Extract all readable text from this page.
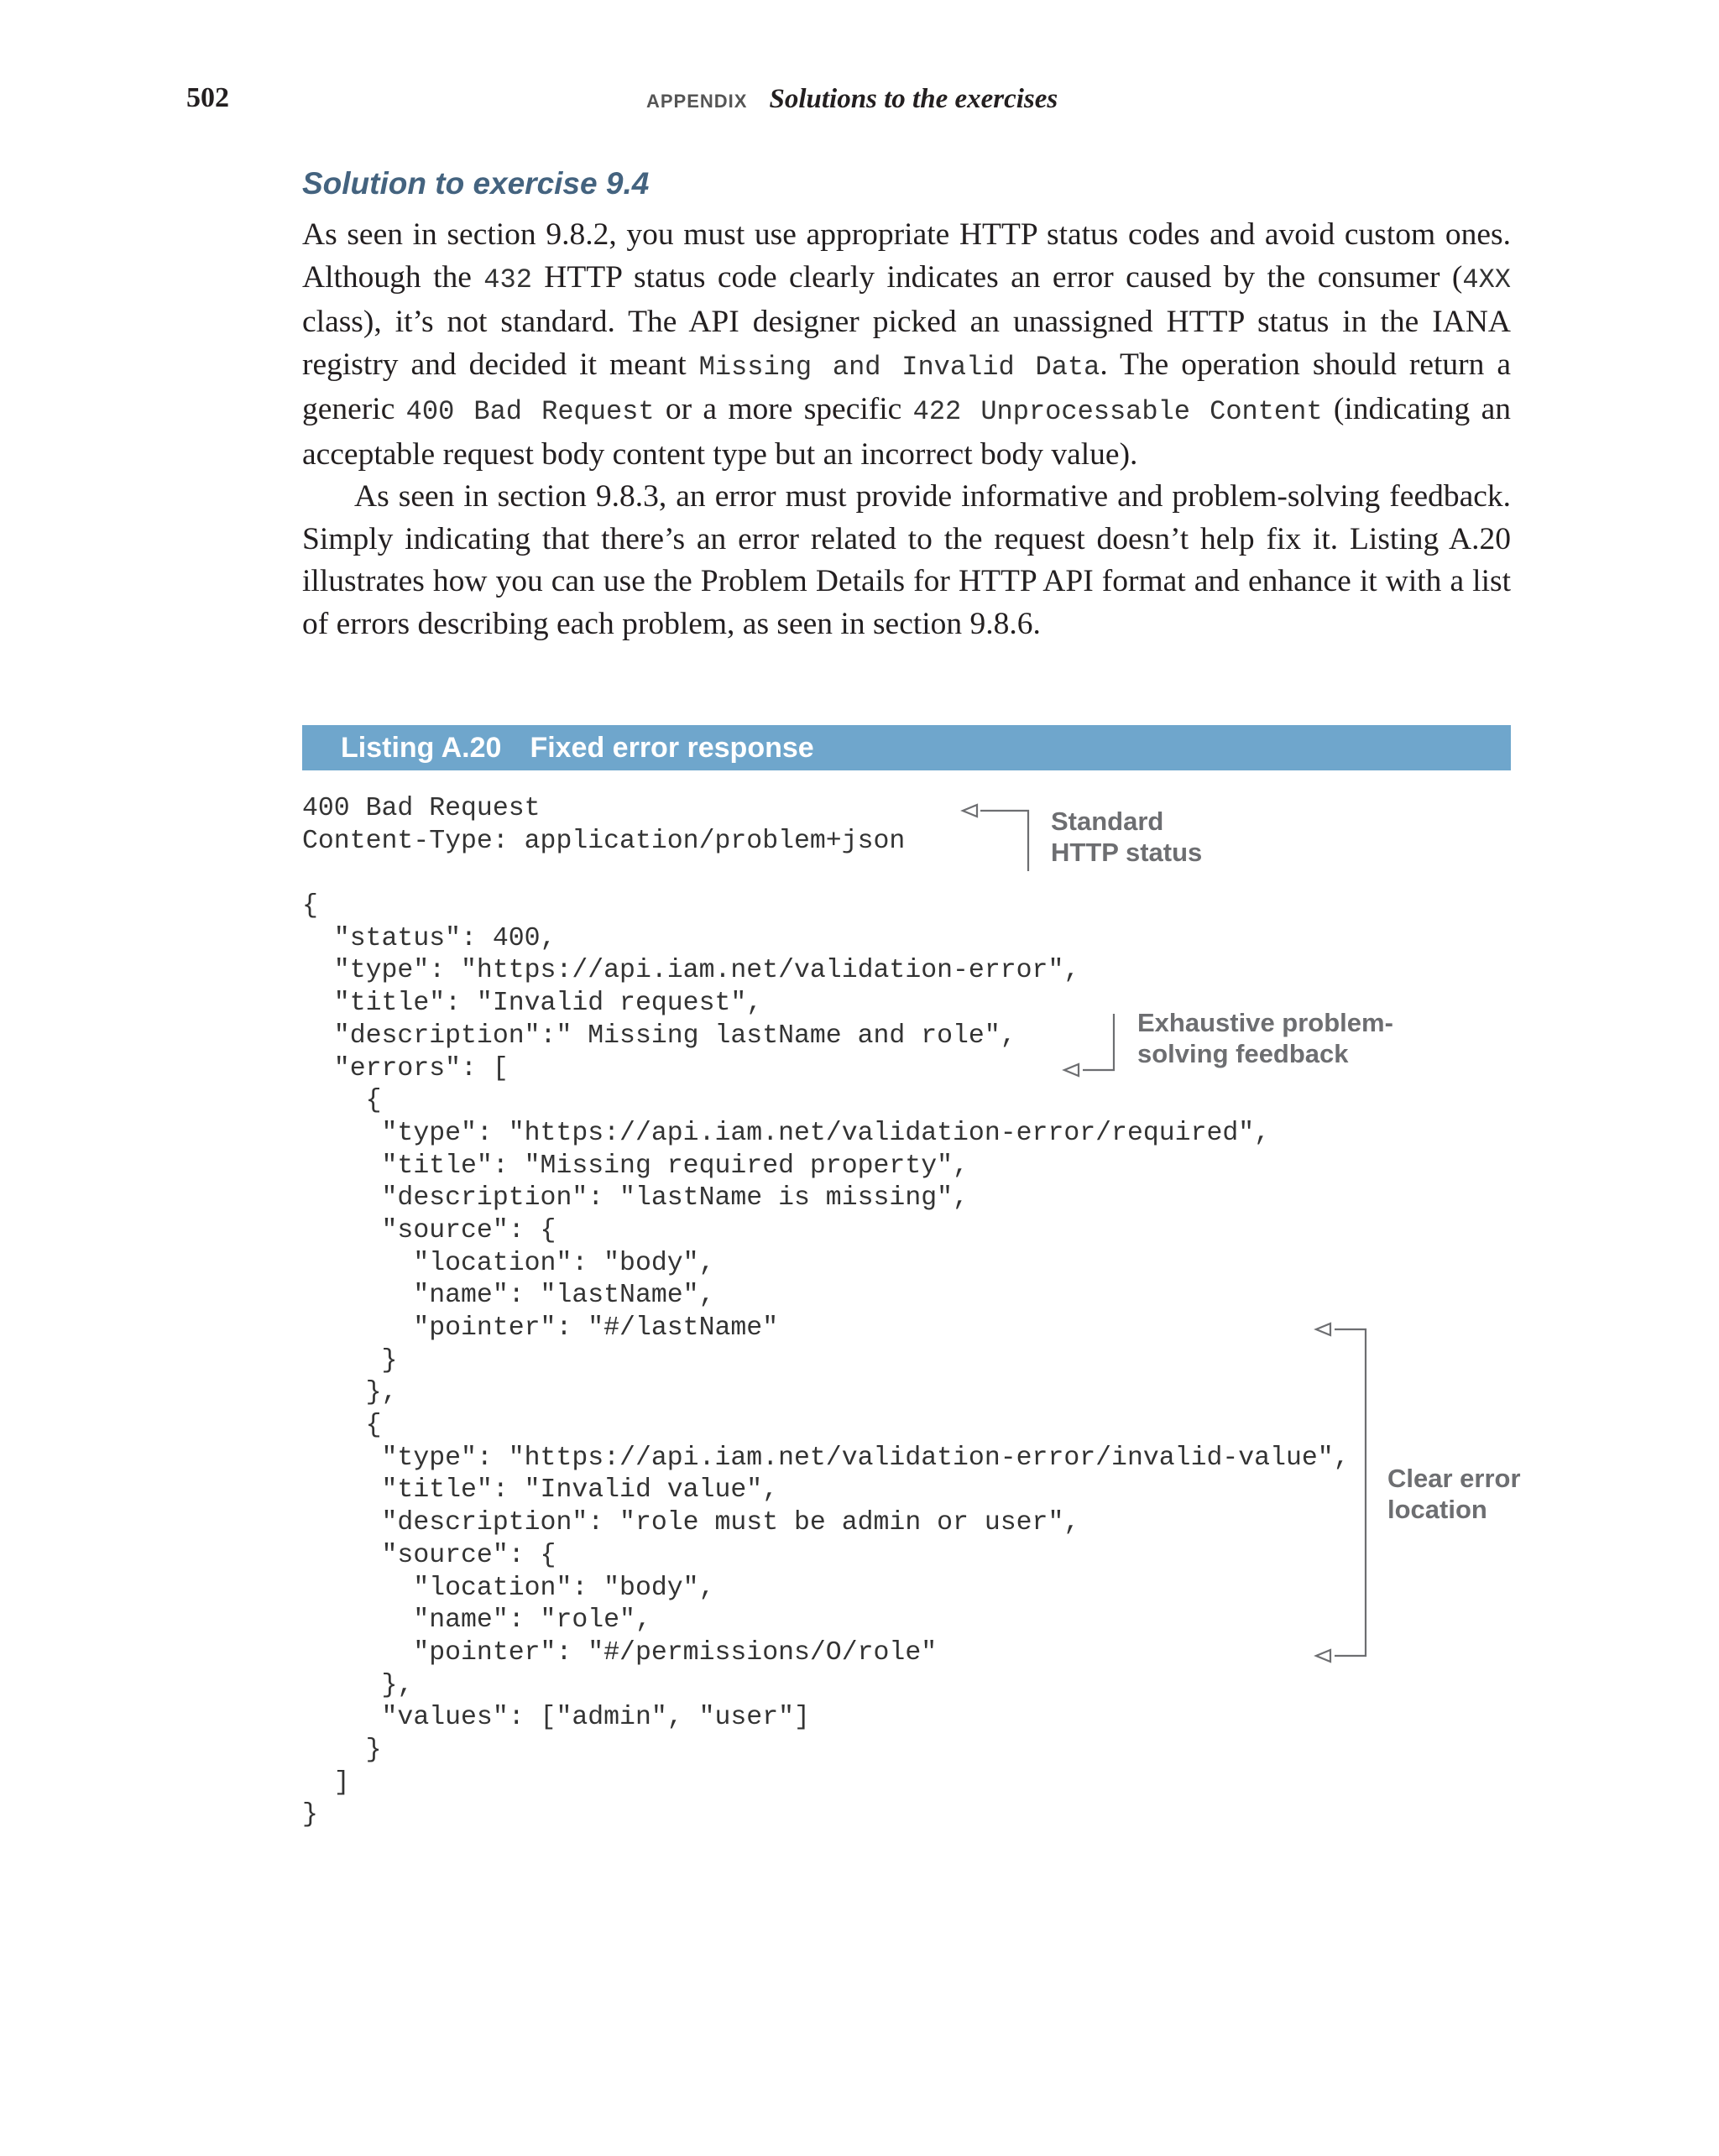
502	APPENDIX Solutions to the exercises
Solution to exercise 9.4

As seen in section 9.8.2, you must use appropriate HTTP status codes and avoid custom ones. Although the 432 HTTP status code clearly indicates an error caused by the consumer (4XX class), it’s not standard. The API designer picked an unassigned HTTP status in the IANA registry and decided it meant Missing and Invalid Data. The operation should return a generic 400 Bad Request or a more specific 422 Unprocessable Content (indicating an acceptable request body content type but an incorrect body value).

As seen in section 9.8.3, an error must provide informative and problem-solving feedback. Simply indicating that there’s an error related to the request doesn’t help fix it. Listing A.20 illustrates how you can use the Problem Details for HTTP API format and enhance it with a list of errors describing each problem, as seen in section 9.8.6.

Listing A.20 Fixed error response
400 Bad Request
Content-Type: application/problem+json
{
"status": 400,
"type": "https://api.iam.net/validation-error",
"title": "Invalid request",
"description":" Missing lastName and role",
"errors": [
{
"type": "https://api.iam.net/validation-error/required",
"title": "Missing required property",
"description": "lastName is missing",
"source": {
"location": "body",
"name": "lastName",
"pointer": "#/lastName"
}
},
{
"type": "https://api.iam.net/validation-error/invalid-value",
"title": "Invalid value",
"description": "role must be admin or user",
"source": {
"location": "body",
"name": "role",
"pointer": "#/permissions/O/role"
},
"values": ["admin", "user"]
}
]
}
Standard
HTTP status
Exhaustive problem-
solving feedback
Clear error
location
